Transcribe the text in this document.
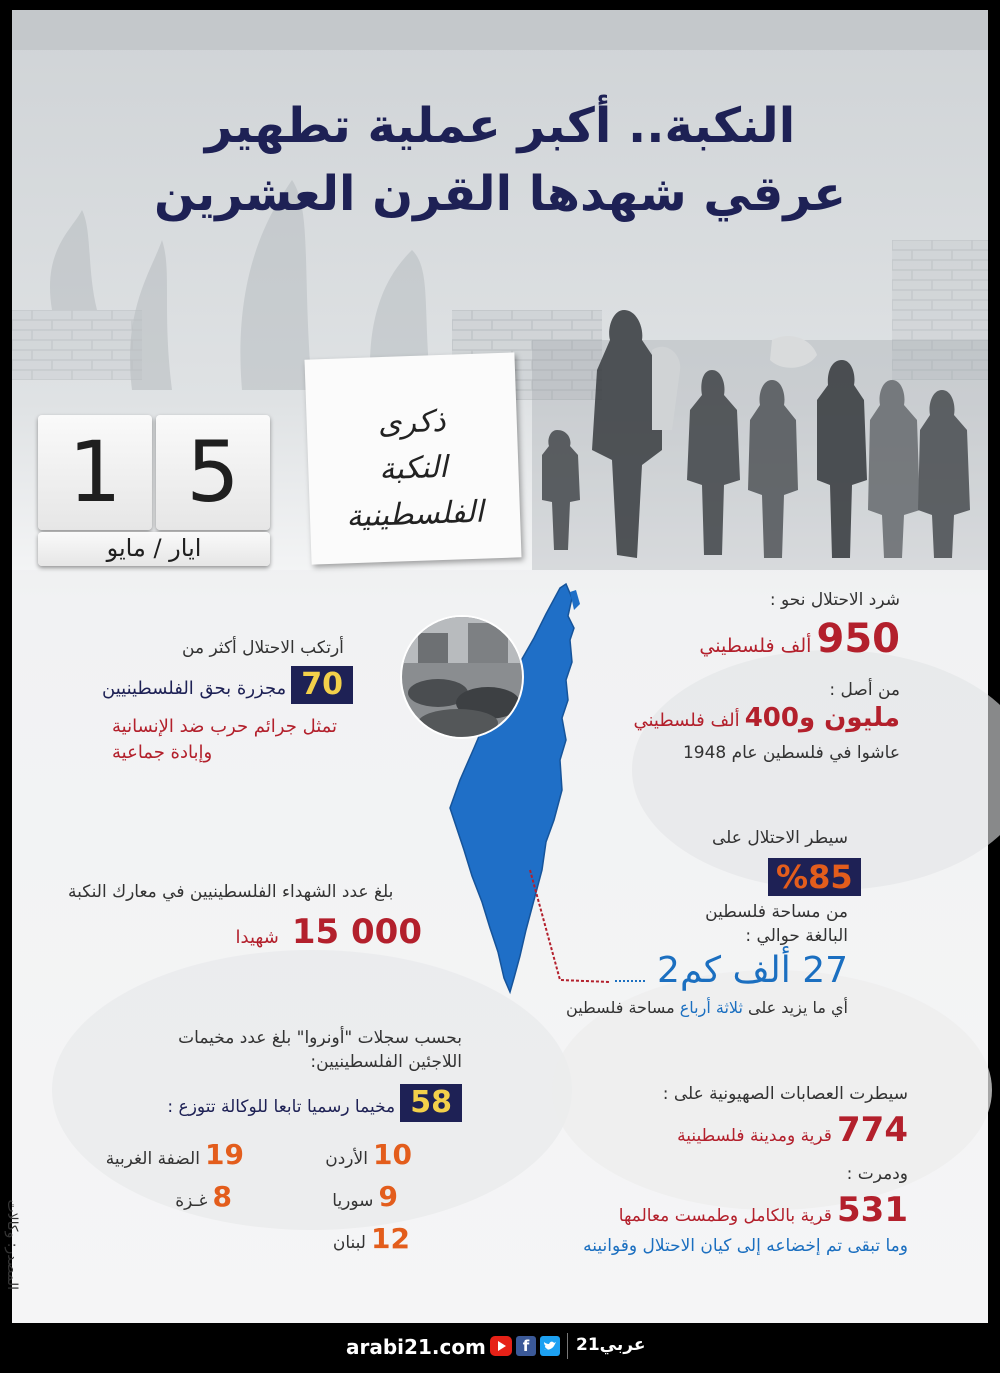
النكبة.. أكبر عملية تطهير
عرقي شهدها القرن العشرين
1 5
ايار / مايو
ذكرى
النكبة
الفلسطينية
شرد الاحتلال نحو :
950 ألف فلسطيني
من أصل :
مليون و400 ألف فلسطيني
عاشوا في فلسطين عام 1948
أرتكب الاحتلال أكثر من
70 مجزرة بحق الفلسطينيين
تمثل جرائم حرب ضد الإنسانية
وإبادة جماعية
سيطر الاحتلال على
%85
من مساحة فلسطين
البالغة حوالي :
27 ألف كم2
أي ما يزيد على ثلاثة أرباع مساحة فلسطين
بلغ عدد الشهداء الفلسطينيين في معارك النكبة
شهيدا 15 000
بحسب سجلات "أونروا" بلغ عدد مخيمات
اللاجئين الفلسطينيين:
58 مخيما رسميا تابعا للوكالة تتوزع :
19 الضفة الغربية	10 الأردن
8 غـزة	9 سوريا
12 لبنان
سيطرت العصابات الصهيونية على :
774 قرية ومدينة فلسطينية
ودمرت :
531 قرية بالكامل وطمست معالمها
وما تبقى تم إخضاعه إلى كيان الاحتلال وقوانينه
المصدر: وكالات
arabi21.com	f	عربي21
